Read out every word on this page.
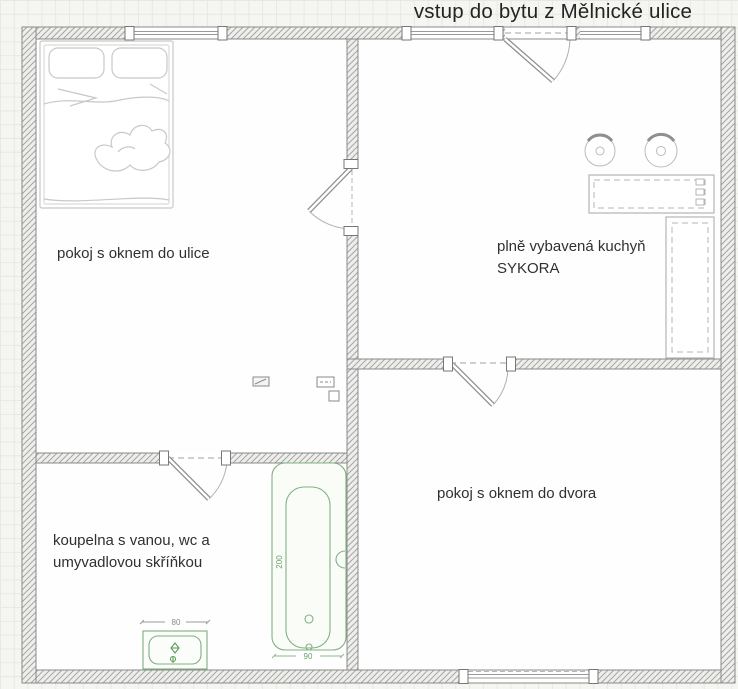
vstup do bytu z Mělnické ulice
200
90
80
pokoj s oknem do ulice	plně vybavená kuchyň
SYKORA
pokoj s oknem do dvora
koupelna s vanou, wc a
umyvadlovou skříňkou
